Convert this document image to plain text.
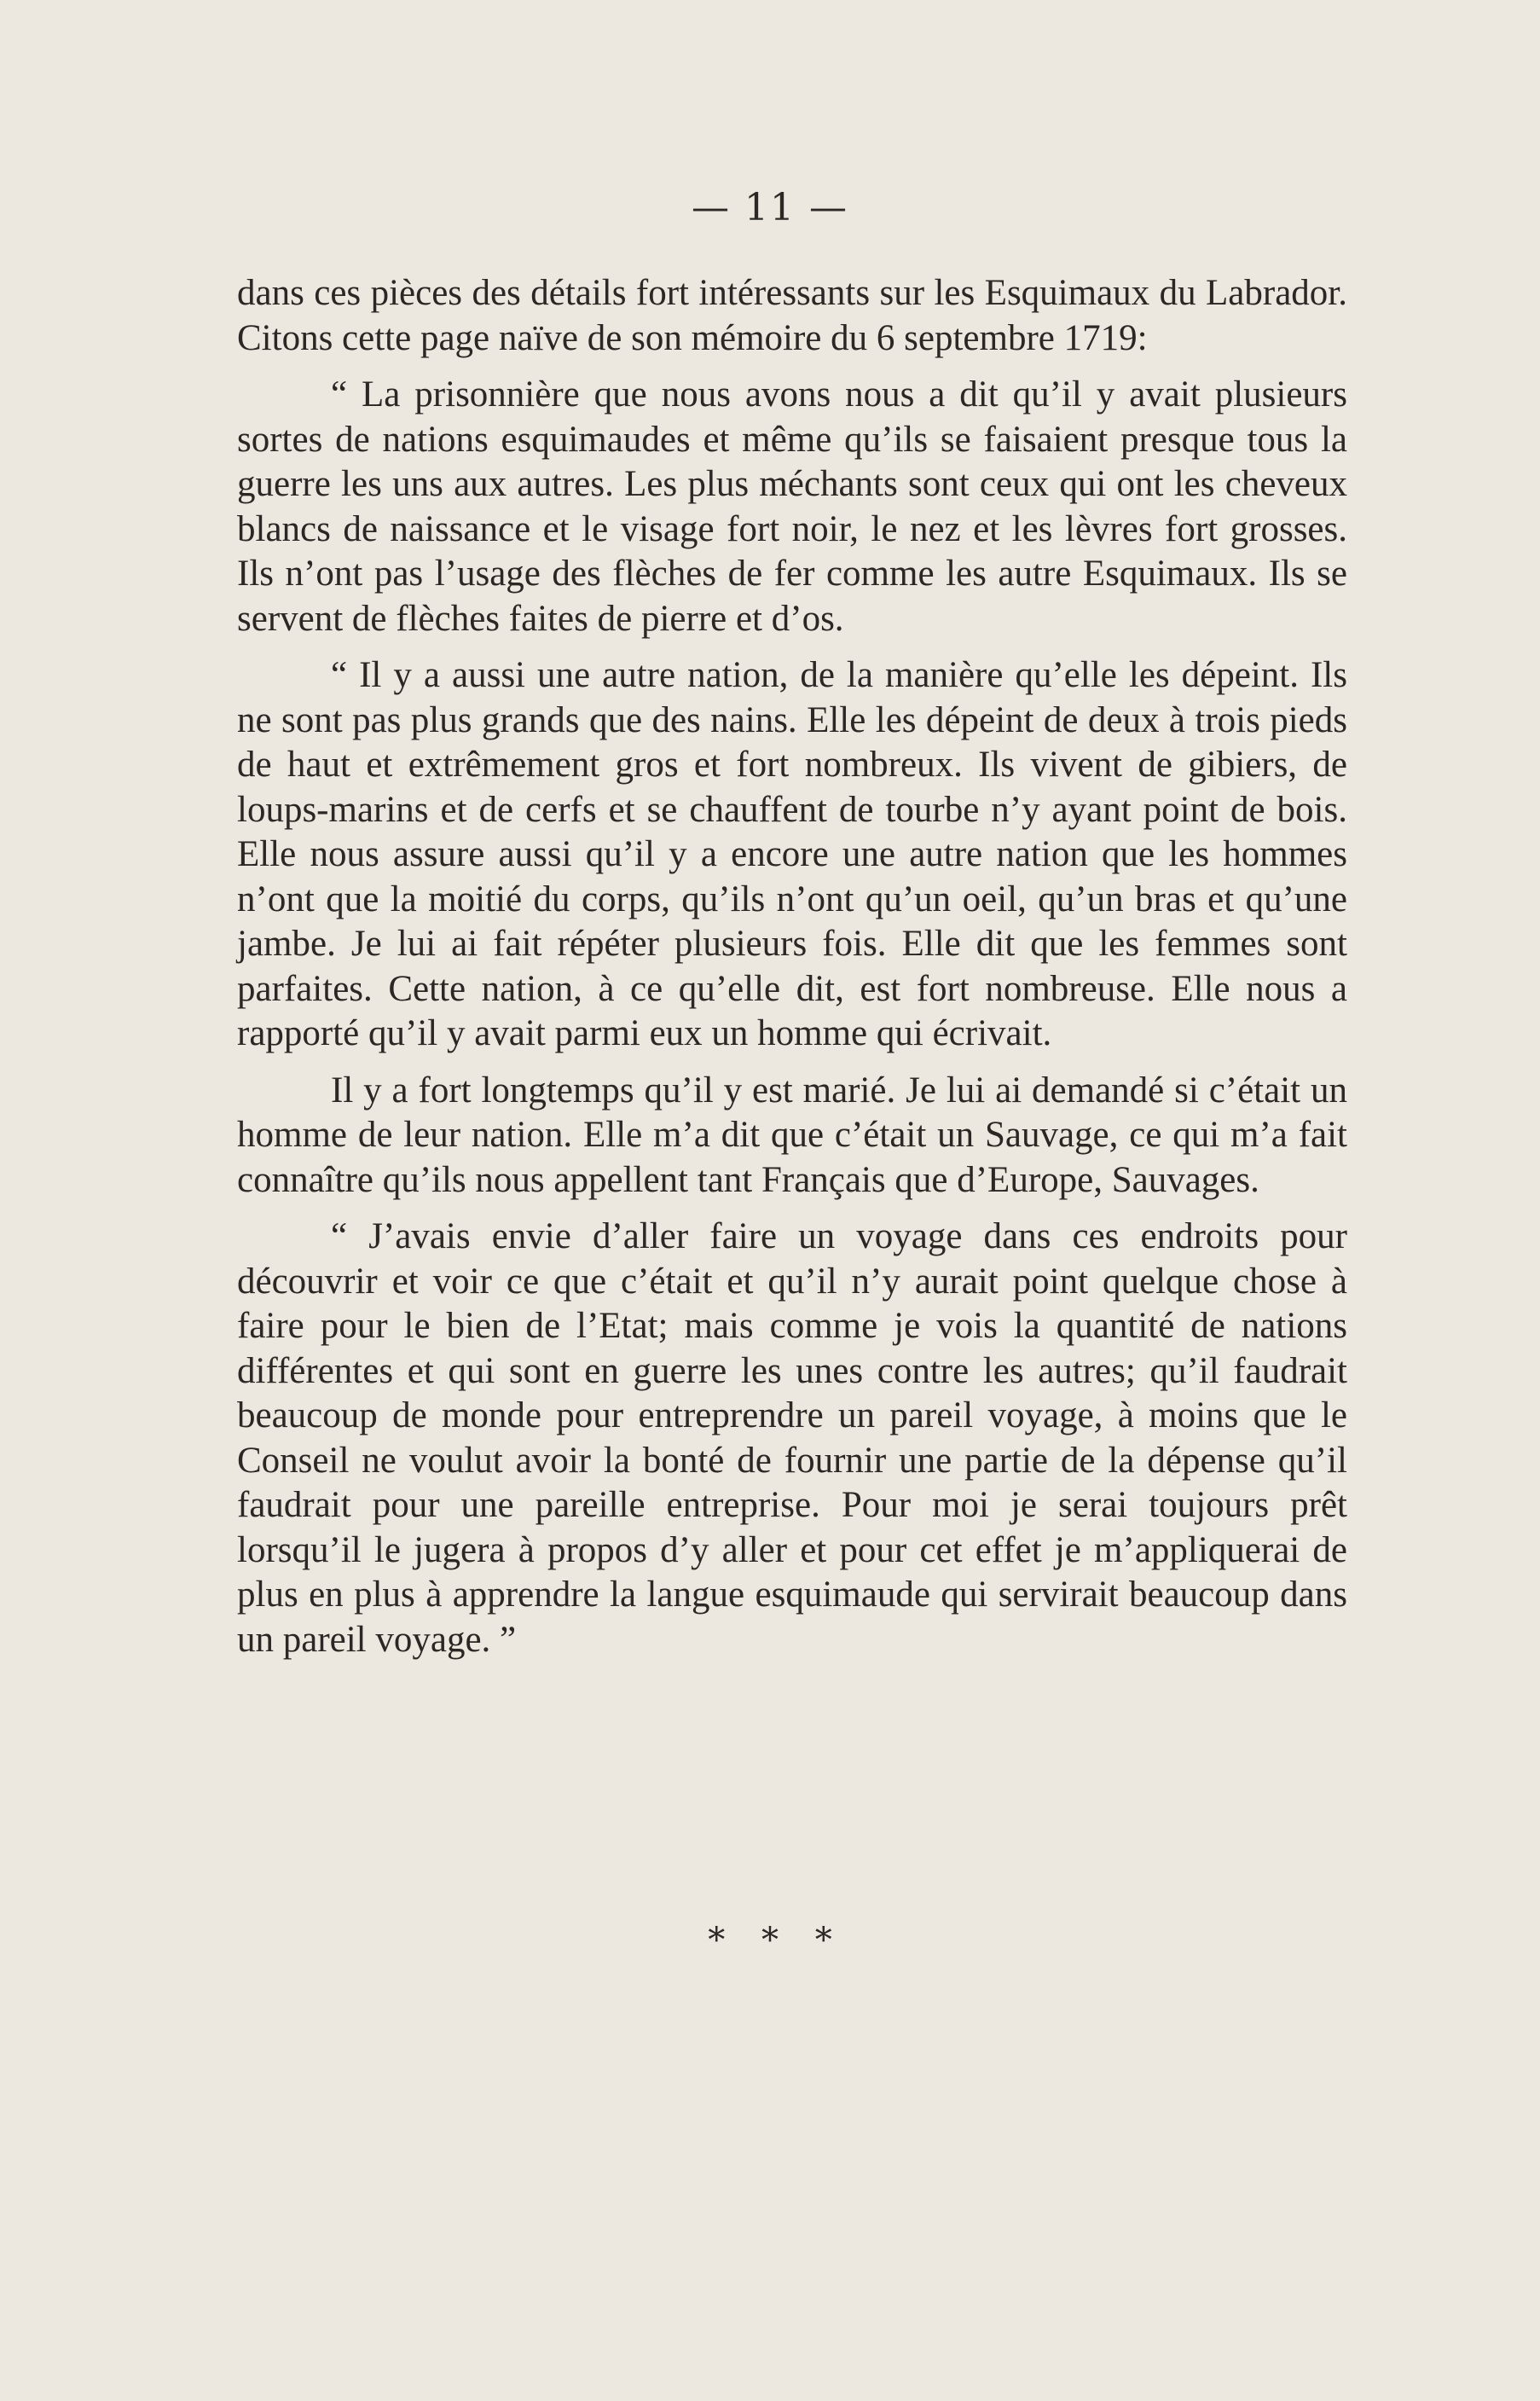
— 11 —

dans ces pièces des détails fort intéressants sur les Esquimaux du Labrador. Citons cette page naïve de son mémoire du 6 septembre 1719:

“ La prisonnière que nous avons nous a dit qu’il y avait plusieurs sortes de nations esquimaudes et même qu’ils se faisaient presque tous la guerre les uns aux autres. Les plus méchants sont ceux qui ont les cheveux blancs de naissance et le visage fort noir, le nez et les lèvres fort grosses. Ils n’ont pas l’usage des flèches de fer comme les autre Esquimaux. Ils se servent de flèches faites de pierre et d’os.

“ Il y a aussi une autre nation, de la manière qu’elle les dépeint. Ils ne sont pas plus grands que des nains. Elle les dépeint de deux à trois pieds de haut et extrêmement gros et fort nombreux. Ils vivent de gibiers, de loups-marins et de cerfs et se chauffent de tourbe n’y ayant point de bois. Elle nous assure aussi qu’il y a encore une autre nation que les hommes n’ont que la moitié du corps, qu’ils n’ont qu’un oeil, qu’un bras et qu’une jambe. Je lui ai fait répéter plusieurs fois. Elle dit que les femmes sont parfaites. Cette nation, à ce qu’elle dit, est fort nombreuse. Elle nous a rapporté qu’il y avait parmi eux un homme qui écrivait.

Il y a fort longtemps qu’il y est marié. Je lui ai demandé si c’était un homme de leur nation. Elle m’a dit que c’était un Sauvage, ce qui m’a fait connaître qu’ils nous appellent tant Français que d’Europe, Sauvages.

“ J’avais envie d’aller faire un voyage dans ces endroits pour découvrir et voir ce que c’était et qu’il n’y aurait point quelque chose à faire pour le bien de l’Etat; mais comme je vois la quantité de nations différentes et qui sont en guerre les unes contre les autres; qu’il faudrait beaucoup de monde pour entreprendre un pareil voyage, à moins que le Conseil ne voulut avoir la bonté de fournir une partie de la dépense qu’il faudrait pour une pareille entreprise. Pour moi je serai toujours prêt lorsqu’il le jugera à propos d’y aller et pour cet effet je m’appliquerai de plus en plus à apprendre la langue esquimaude qui servirait beaucoup dans un pareil voyage. ”

* * *
